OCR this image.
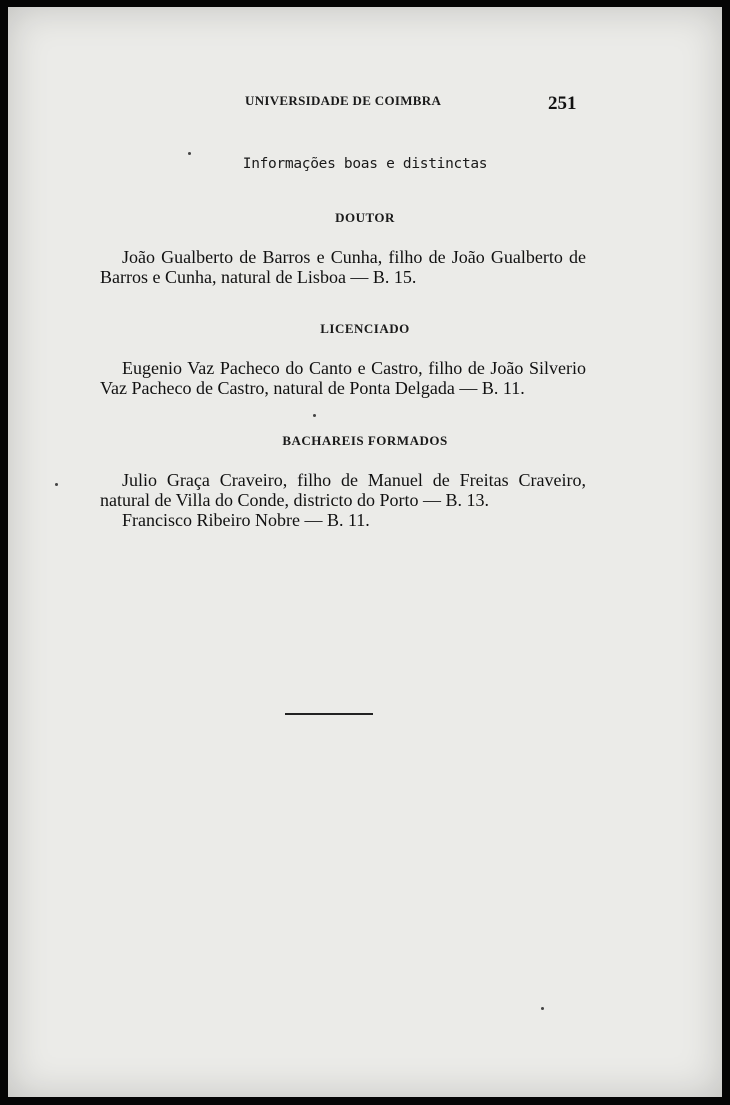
UNIVERSIDADE DE COIMBRA	251
Informações boas e distinctas
DOUTOR

João Gualberto de Barros e Cunha, filho de João Gualberto de Barros e Cunha, natural de Lisboa — B. 15.

LICENCIADO

Eugenio Vaz Pacheco do Canto e Castro, filho de João Silverio Vaz Pacheco de Castro, natural de Ponta Delgada — B. 11.

BACHAREIS FORMADOS

Julio Graça Craveiro, filho de Manuel de Freitas Craveiro, natural de Villa do Conde, districto do Porto — B. 13.

Francisco Ribeiro Nobre — B. 11.
